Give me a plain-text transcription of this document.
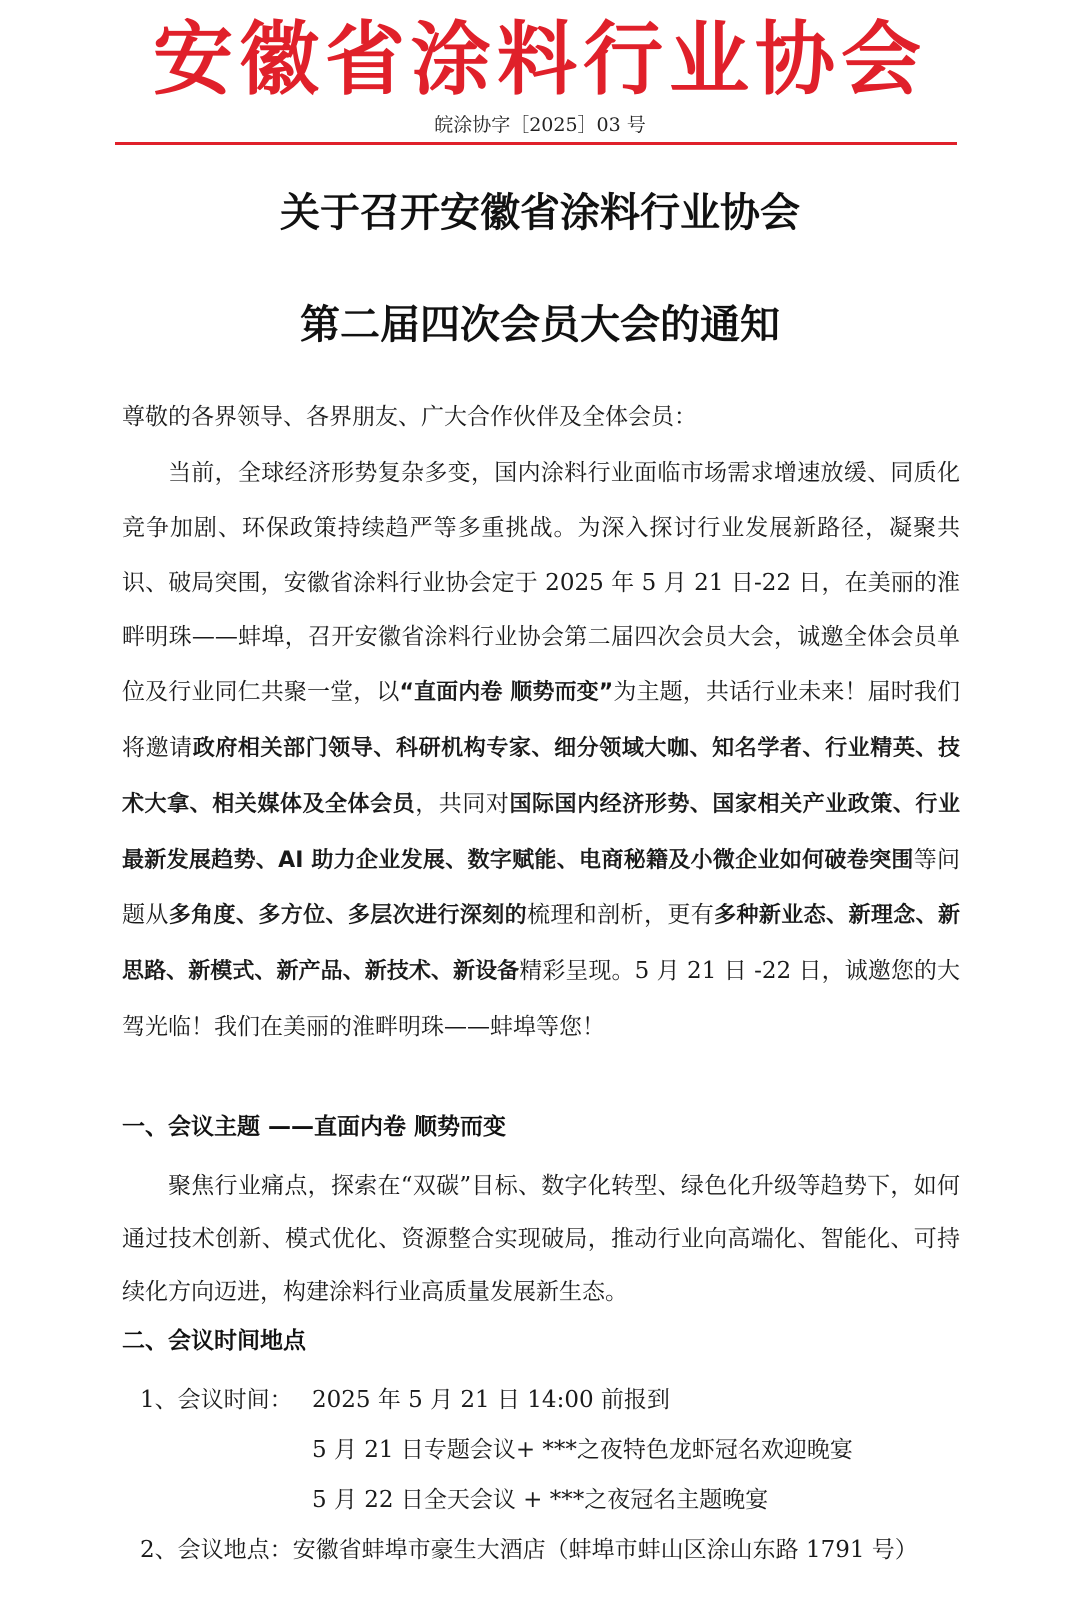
安徽省涂料行业协会
皖涂协字［2025］03 号
关于召开安徽省涂料行业协会
第二届四次会员大会的通知
尊敬的各界领导、各界朋友、广大合作伙伴及全体会员：
当前，全球经济形势复杂多变，国内涂料行业面临市场需求增速放缓、同质化竞争加剧、环保政策持续趋严等多重挑战。为深入探讨行业发展新路径，凝聚共识、破局突围，安徽省涂料行业协会定于 2025 年 5 月 21 日-22 日，在美丽的淮畔明珠——蚌埠，召开安徽省涂料行业协会第二届四次会员大会，诚邀全体会员单位及行业同仁共聚一堂，以“直面内卷 顺势而变”为主题，共话行业未来！届时我们将邀请政府相关部门领导、科研机构专家、细分领域大咖、知名学者、行业精英、技术大拿、相关媒体及全体会员，共同对国际国内经济形势、国家相关产业政策、行业最新发展趋势、AI 助力企业发展、数字赋能、电商秘籍及小微企业如何破卷突围等问题从多角度、多方位、多层次进行深刻的梳理和剖析，更有多种新业态、新理念、新思路、新模式、新产品、新技术、新设备精彩呈现。5 月 21 日 -22 日，诚邀您的大驾光临！我们在美丽的淮畔明珠——蚌埠等您！
一、会议主题 ——直面内卷 顺势而变
聚焦行业痛点，探索在“双碳”目标、数字化转型、绿色化升级等趋势下，如何通过技术创新、模式优化、资源整合实现破局，推动行业向高端化、智能化、可持续化方向迈进，构建涂料行业高质量发展新生态。
二、会议时间地点
1、会议时间： 2025 年 5 月 21 日 14:00 前报到
5 月 21 日专题会议+ ***之夜特色龙虾冠名欢迎晚宴
5 月 22 日全天会议 + ***之夜冠名主题晚宴
2、会议地点：安徽省蚌埠市豪生大酒店（蚌埠市蚌山区涂山东路 1791 号）
